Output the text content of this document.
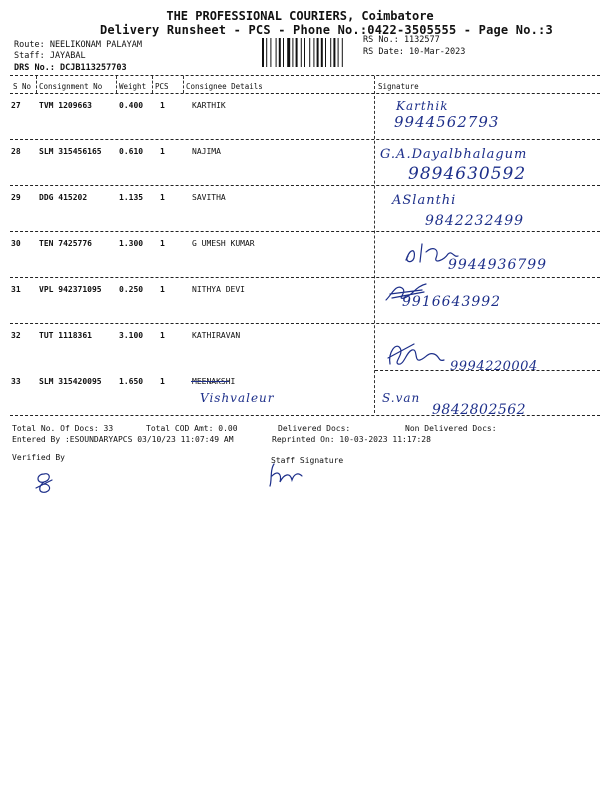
THE PROFESSIONAL COURIERS, Coimbatore
Delivery Runsheet - PCS - Phone No.:0422-3505555 - Page No.:3
Route: NEELIKONAM PALAYAM
Staff: JAYABAL
DRS No.: DCJB113257703
RS No.: 1132577
RS Date: 10-Mar-2023
S No Consignment No Weight PCS Consignee Details	Signature
27 TVM 1209663	0.400 1	KARTHIK	Karthik
9944562793
28 SLM 315456165 0.610 1	NAJIMA	G.A.Dayalbhalagum
9894630592
29 DDG 415202	1.135 1	SAVITHA	ASlanthi
9842232499
30 TEN 7425776	1.300 1	G UMESH KUMAR
9944936799
31 VPL 942371095 0.250 1	NITHYA DEVI
9916643992
32 TUT 1118361	3.100 1	KATHIRAVAN
9994220004
33 SLM 315420095 1.650 1	MEENAKSHI
Vishvaleur	S.van
9842802562
Total No. Of Docs: 33	Total COD Amt: 0.00	Delivered Docs:	Non Delivered Docs:
Entered By :ESOUNDARYAPCS 03/10/23 11:07:49 AM	Reprinted On: 10-03-2023 11:17:28
Verified By	Staff Signature
